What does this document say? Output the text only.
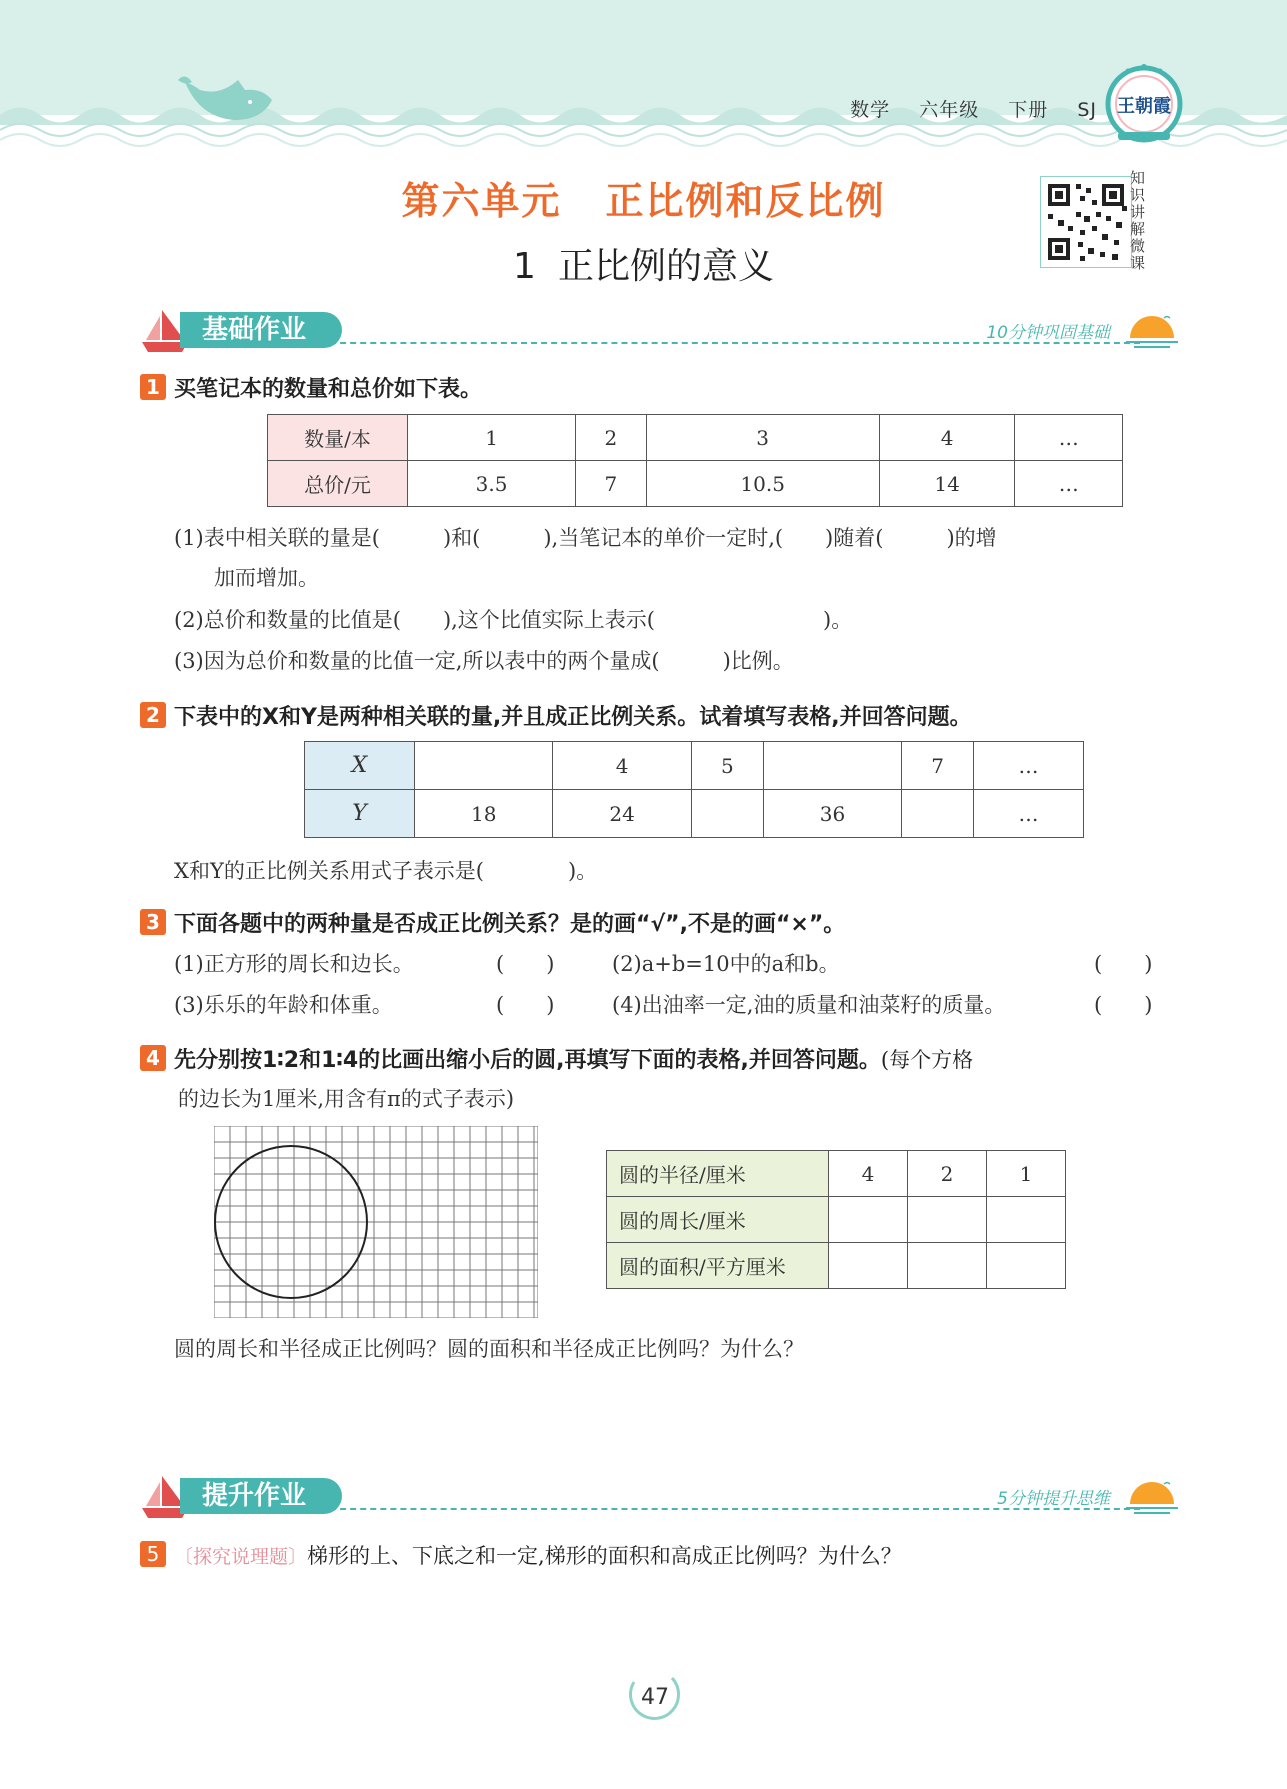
数学 六年级 下册 SJ 王朝霞
第六单元 正比例和反比例
1 正比例的意义
知识讲解微课
基础作业	10分钟巩固基础
1 买笔记本的数量和总价如下表。
数量/本	1	2	3	4	…
总价/元	3.5	7	10.5	14	…
(1)表中相关联的量是(　　　)和(　　　),当笔记本的单价一定时,(　　)随着(　　　)的增
加而增加。
(2)总价和数量的比值是(　　),这个比值实际上表示(　　　　　　　　)。
(3)因为总价和数量的比值一定,所以表中的两个量成(　　　)比例。
2 下表中的X和Y是两种相关联的量,并且成正比例关系。试着填写表格,并回答问题。
X		4	5		7	…
Y	18	24		36		…
X和Y的正比例关系用式子表示是(　　　　)。
3 下面各题中的两种量是否成正比例关系？是的画“√”,不是的画“×”。
(1)正方形的周长和边长。	(　　)	(2)a+b=10中的a和b。	(　　)
(3)乐乐的年龄和体重。	(　　)	(4)出油率一定,油的质量和油菜籽的质量。	(　　)
4 先分别按1∶2和1∶4的比画出缩小后的圆,再填写下面的表格,并回答问题。(每个方格
的边长为1厘米,用含有π的式子表示)
圆的半径/厘米	4	2	1
圆的周长/厘米			
圆的面积/平方厘米			
圆的周长和半径成正比例吗？圆的面积和半径成正比例吗？为什么？
提升作业	5分钟提升思维
5 〔探究说理题〕梯形的上、下底之和一定,梯形的面积和高成正比例吗？为什么？
47
